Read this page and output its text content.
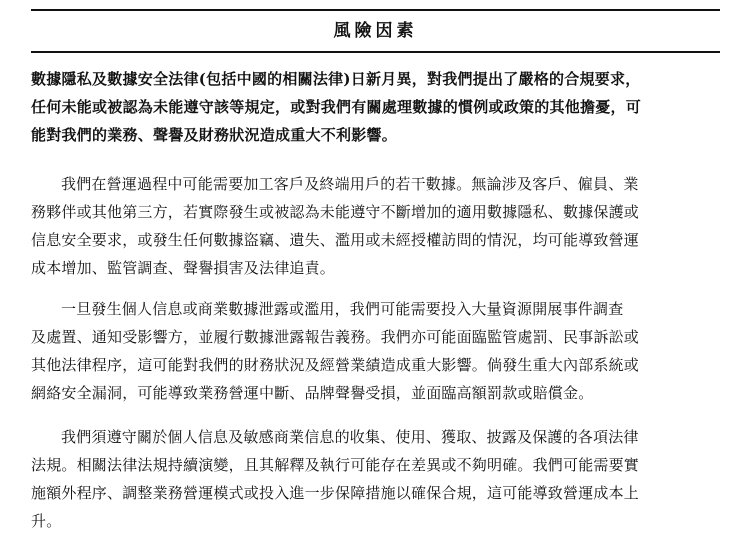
風險因素

數據隱私及數據安全法律(包括中國的相關法律)日新月異，對我們提出了嚴格的合規要求，
任何未能或被認為未能遵守該等規定，或對我們有關處理數據的慣例或政策的其他擔憂，可
能對我們的業務、聲譽及財務狀況造成重大不利影響。

我們在營運過程中可能需要加工客戶及終端用戶的若干數據。無論涉及客戶、僱員、業
務夥伴或其他第三方，若實際發生或被認為未能遵守不斷增加的適用數據隱私、數據保護或
信息安全要求，或發生任何數據盜竊、遺失、濫用或未經授權訪問的情況，均可能導致營運
成本增加、監管調查、聲譽損害及法律追責。

一旦發生個人信息或商業數據泄露或濫用，我們可能需要投入大量資源開展事件調查
及處置、通知受影響方，並履行數據泄露報告義務。我們亦可能面臨監管處罰、民事訴訟或
其他法律程序，這可能對我們的財務狀況及經營業績造成重大影響。倘發生重大內部系統或
網絡安全漏洞，可能導致業務營運中斷、品牌聲譽受損，並面臨高額罰款或賠償金。

我們須遵守關於個人信息及敏感商業信息的收集、使用、獲取、披露及保護的各項法律
法規。相關法律法規持續演變，且其解釋及執行可能存在差異或不夠明確。我們可能需要實
施額外程序、調整業務營運模式或投入進一步保障措施以確保合規，這可能導致營運成本上
升。
